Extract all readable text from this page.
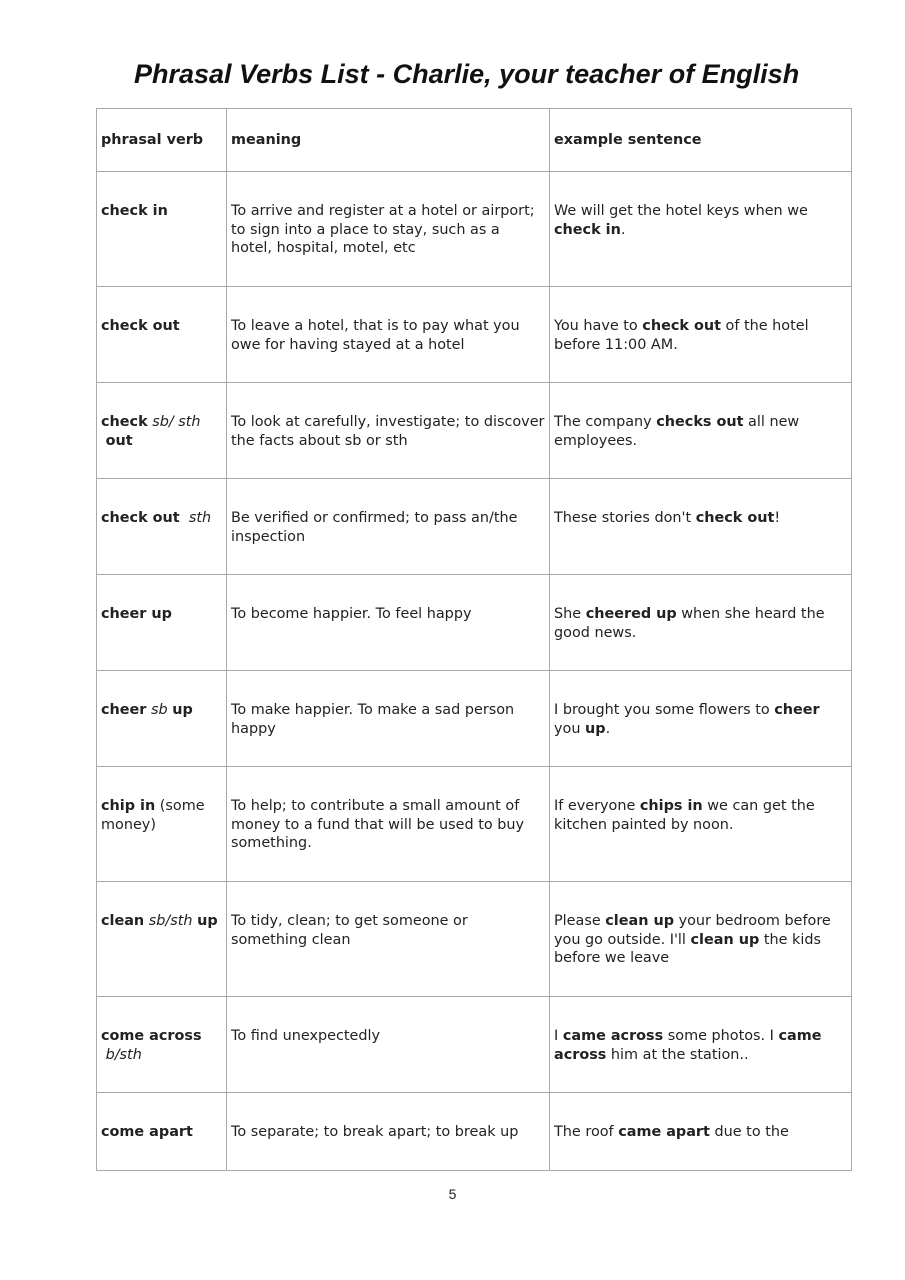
Phrasal Verbs List - Charlie, your teacher of English
phrasal verb	meaning	example sentence
check in	To arrive and register at a hotel or airport; to sign into a place to stay, such as a hotel, hospital, motel, etc	We will get the hotel keys when we check in.
check out	To leave a hotel, that is to pay what you owe for having stayed at a hotel	You have to check out of the hotel before 11:00 AM.
check sb/ sth out	To look at carefully, investigate; to discover the facts about sb or sth	The company checks out all new employees.
check out sth	Be verified or confirmed; to pass an/the inspection	These stories don't check out!
cheer up	To become happier. To feel happy	She cheered up when she heard the good news.
cheer sb up	To make happier. To make a sad person happy	I brought you some flowers to cheer you up.
chip in (some money)	To help; to contribute a small amount of money to a fund that will be used to buy something.	If everyone chips in we can get the kitchen painted by noon.
clean sb/sth up	To tidy, clean; to get someone or something clean	Please clean up your bedroom before you go outside. I'll clean up the kids before we leave
come across b/sth	To find unexpectedly	I came across some photos. I came across him at the station..
come apart	To separate; to break apart; to break up	The roof came apart due to the
5
